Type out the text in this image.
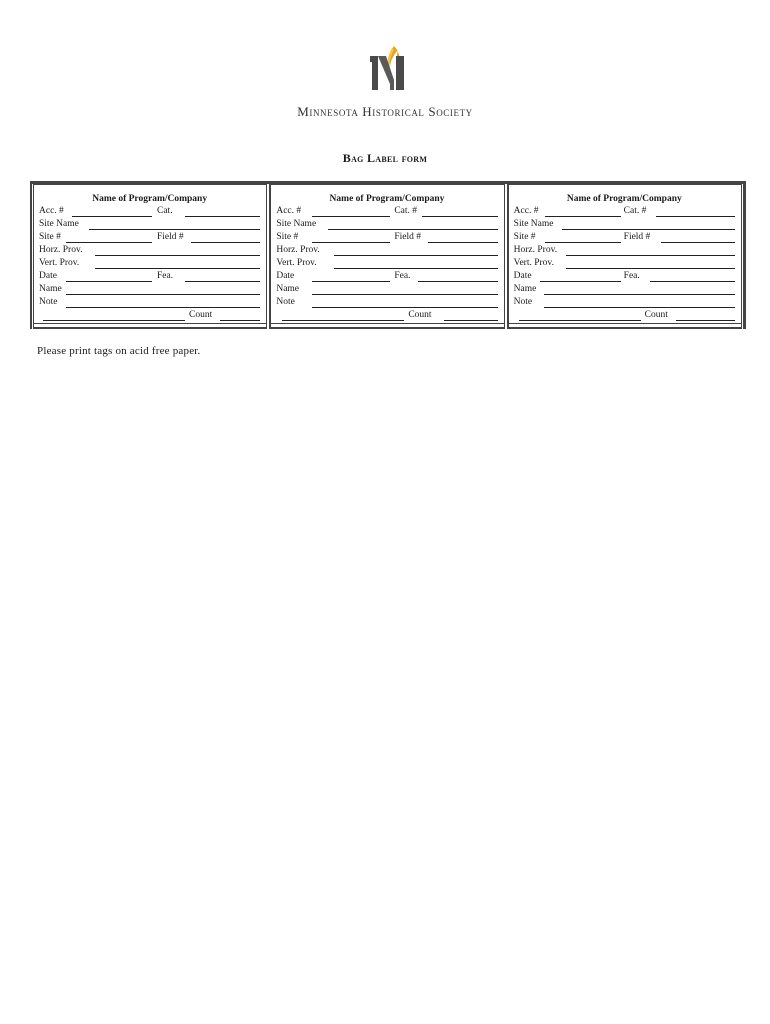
Minnesota Historical Society
Bag Label form
Name of Program/Company
Acc. #	Cat.
Site Name
Site #	Field #
Horz. Prov.
Vert. Prov.
Date	Fea.
Name
Note
Count
Name of Program/Company
Acc. #	Cat. #
Site Name
Site #	Field #
Horz. Prov.
Vert. Prov.
Date	Fea.
Name
Note
Count
Name of Program/Company
Acc. #	Cat. #
Site Name
Site #	Field #
Horz. Prov.
Vert. Prov.
Date	Fea.
Name
Note
Count
Please print tags on acid free paper.
